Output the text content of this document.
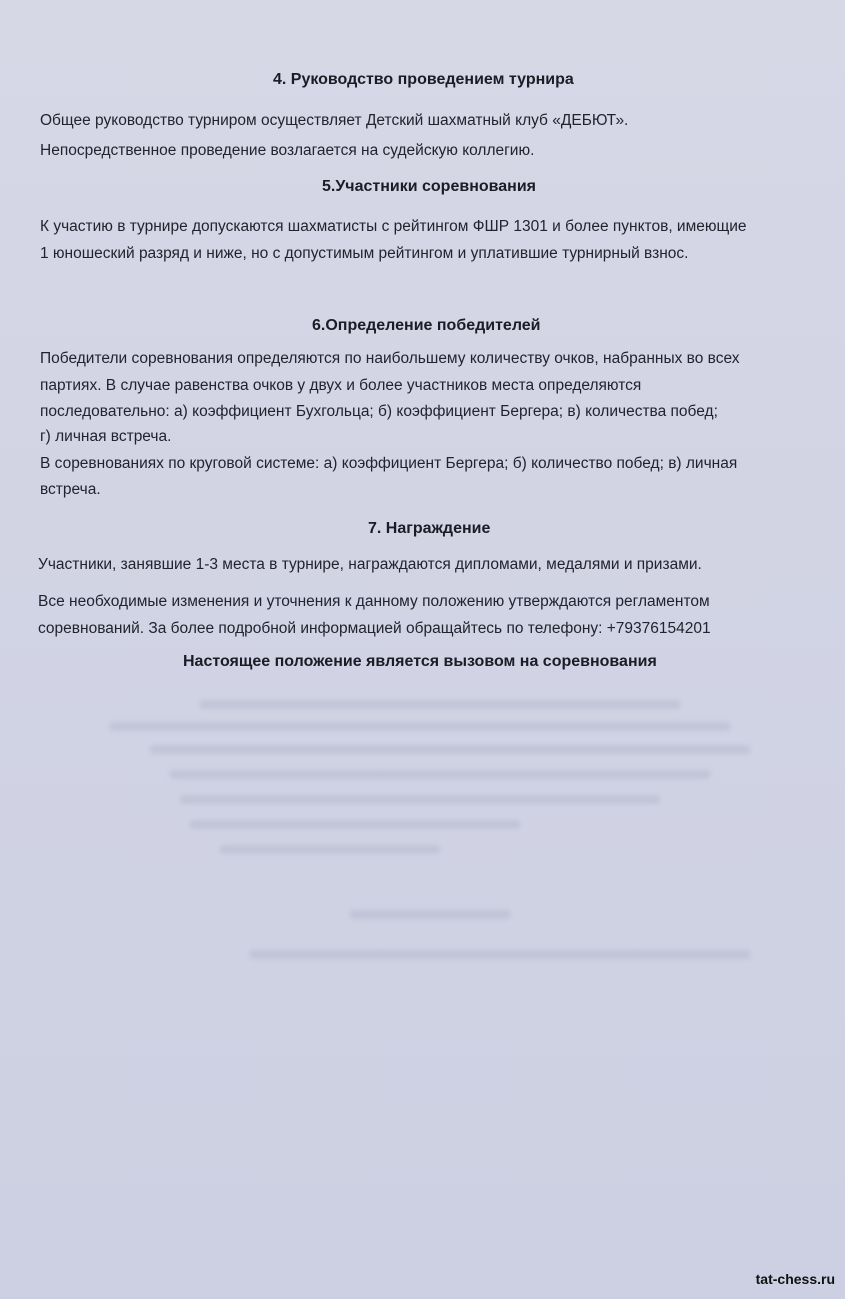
4. Руководство проведением турнира
Общее руководство турниром осуществляет Детский шахматный клуб «ДЕБЮТ».
Непосредственное проведение возлагается на судейскую коллегию.
5.Участники соревнования
К участию в турнире допускаются шахматисты с рейтингом ФШР 1301 и более пунктов, имеющие
1 юношеский разряд и ниже, но с допустимым рейтингом и уплатившие турнирный взнос.
6.Определение победителей
Победители соревнования определяются по наибольшему количеству очков, набранных во всех
партиях. В случае равенства очков у двух и более участников места определяются
последовательно: а) коэффициент Бухгольца; б) коэффициент Бергера; в) количества побед;
г) личная встреча.
В соревнованиях по круговой системе: а) коэффициент Бергера; б) количество побед; в) личная
встреча.
7. Награждение
Участники, занявшие 1-3 места в турнире, награждаются дипломами, медалями и призами.
Все необходимые изменения и уточнения к данному положению утверждаются регламентом
соревнований. За более подробной информацией обращайтесь по телефону: +79376154201
Настоящее положение является вызовом на соревнования
tat-chess.ru
